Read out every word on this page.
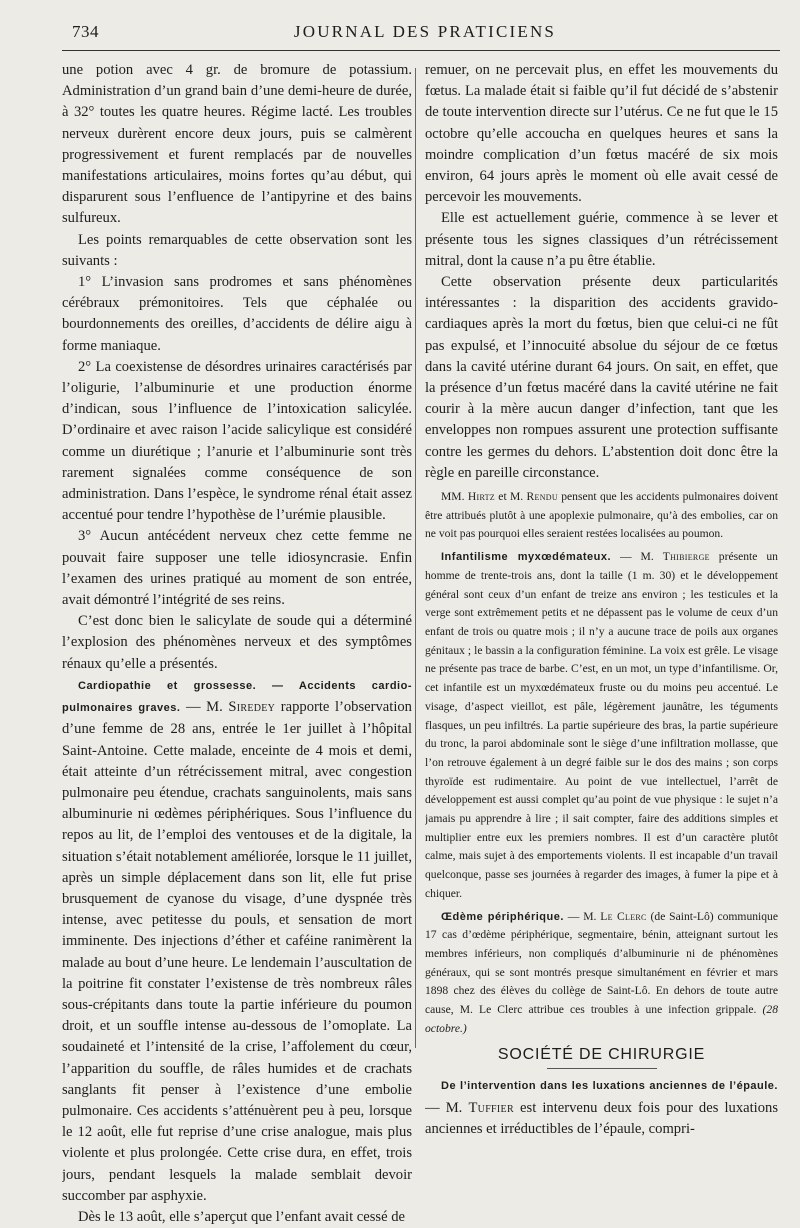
734	JOURNAL DES PRATICIENS

une potion avec 4 gr. de bromure de potassium. Administration d’un grand bain d’une demi-heure de durée, à 32° toutes les quatre heures. Régime lacté. Les troubles nerveux durèrent encore deux jours, puis se calmèrent progressivement et furent remplacés par de nouvelles manifestations articulaires, moins fortes qu’au début, qui disparurent sous l’enfluence de l’antipyrine et des bains sulfureux.

Les points remarquables de cette observation sont les suivants :

1° L’invasion sans prodromes et sans phénomènes cérébraux prémonitoires. Tels que céphalée ou bourdonnements des oreilles, d’accidents de délire aigu à forme maniaque.

2° La coexistense de désordres urinaires caractérisés par l’oligurie, l’albuminurie et une production énorme d’indican, sous l’influence de l’intoxication salicylée. D’ordinaire et avec raison l’acide salicylique est considéré comme un diurétique ; l’anurie et l’albuminurie sont très rarement signalées comme conséquence de son administration. Dans l’espèce, le syndrome rénal était assez accentué pour tendre l’hypothèse de l’urémie plausible.

3° Aucun antécédent nerveux chez cette femme ne pouvait faire supposer une telle idiosyncrasie. Enfin l’examen des urines pratiqué au moment de son entrée, avait démontré l’intégrité de ses reins.

C’est donc bien le salicylate de soude qui a déterminé l’explosion des phénomènes nerveux et des symptômes rénaux qu’elle a présentés.

Cardiopathie et grossesse. — Accidents cardio-pulmonaires graves. — M. Siredey rapporte l’observation d’une femme de 28 ans, entrée le 1er juillet à l’hôpital Saint-Antoine. Cette malade, enceinte de 4 mois et demi, était atteinte d’un rétrécissement mitral, avec congestion pulmonaire peu étendue, crachats sanguinolents, mais sans albuminurie ni œdèmes périphériques. Sous l’influence du repos au lit, de l’emploi des ventouses et de la digitale, la situation s’était notablement améliorée, lorsque le 11 juillet, après un simple déplacement dans son lit, elle fut prise brusquement de cyanose du visage, d’une dyspnée très intense, avec petitesse du pouls, et sensation de mort imminente. Des injections d’éther et caféine ranimèrent la malade au bout d’une heure. Le lendemain l’auscultation de la poitrine fit constater l’existense de très nombreux râles sous-crépitants dans toute la partie inférieure du poumon droit, et un souffle intense au-dessous de l’omoplate. La soudaineté et l’intensité de la crise, l’affolement du cœur, l’apparition du souffle, de râles humides et de crachats sanglants fit penser à l’existence d’une embolie pulmonaire. Ces accidents s’atténuèrent peu à peu, lorsque le 12 août, elle fut reprise d’une crise analogue, mais plus violente et plus prolongée. Cette crise dura, en effet, trois jours, pendant lesquels la malade semblait devoir succomber par asphyxie.

Dès le 13 août, elle s’aperçut que l’enfant avait cessé de

remuer, on ne percevait plus, en effet les mouvements du fœtus. La malade était si faible qu’il fut décidé de s’abstenir de toute intervention directe sur l’utérus. Ce ne fut que le 15 octobre qu’elle accoucha en quelques heures et sans la moindre complication d’un fœtus macéré de six mois environ, 64 jours après le moment où elle avait cessé de percevoir les mouvements.

Elle est actuellement guérie, commence à se lever et présente tous les signes classiques d’un rétrécissement mitral, dont la cause n’a pu être établie.

Cette observation présente deux particularités intéressantes : la disparition des accidents gravido-cardiaques après la mort du fœtus, bien que celui-ci ne fût pas expulsé, et l’innocuité absolue du séjour de ce fœtus dans la cavité utérine durant 64 jours. On sait, en effet, que la présence d’un fœtus macéré dans la cavité utérine ne fait courir à la mère aucun danger d’infection, tant que les enveloppes non rompues assurent une protection suffisante contre les germes du dehors. L’abstention doit donc être la règle en pareille circonstance.

MM. Hirtz et M. Rendu pensent que les accidents pulmonaires doivent être attribués plutôt à une apoplexie pulmonaire, qu’à des embolies, car on ne voit pas pourquoi elles seraient restées localisées au poumon.

Infantilisme myxœdémateux. — M. Thibierge présente un homme de trente-trois ans, dont la taille (1 m. 30) et le développement général sont ceux d’un enfant de treize ans environ ; les testicules et la verge sont extrêmement petits et ne dépassent pas le volume de ceux d’un enfant de trois ou quatre mois ; il n’y a aucune trace de poils aux organes génitaux ; le bassin a la configuration féminine. La voix est grêle. Le visage ne présente pas trace de barbe. C’est, en un mot, un type d’infantilisme. Or, cet infantile est un myxœdémateux fruste ou du moins peu accentué. Le visage, d’aspect vieillot, est pâle, légèrement jaunâtre, les téguments flasques, un peu infiltrés. La partie supérieure des bras, la partie supérieure du tronc, la paroi abdominale sont le siège d’une infiltration mollasse, que l’on retrouve également à un degré faible sur le dos des mains ; son corps thyroïde est rudimentaire. Au point de vue intellectuel, l’arrêt de développement est aussi complet qu’au point de vue physique : le sujet n’a jamais pu apprendre à lire ; il sait compter, faire des additions simples et multiplier entre eux les premiers nombres. Il est d’un caractère plutôt calme, mais sujet à des emportements violents. Il est incapable d’un travail quelconque, passe ses journées à regarder des images, à fumer la pipe et à chiquer.

Œdème périphérique. — M. Le Clerc (de Saint-Lô) communique 17 cas d’œdème périphérique, segmentaire, bénin, atteignant surtout les membres inférieurs, non compliqués d’albuminurie ni de phénomènes généraux, qui se sont montrés presque simultanément en février et mars 1898 chez des élèves du collège de Saint-Lô. En dehors de toute autre cause, M. Le Clerc attribue ces troubles à une infection grippale. (28 octobre.)

SOCIÉTÉ DE CHIRURGIE

De l’intervention dans les luxations anciennes de l’épaule. — M. Tuffier est intervenu deux fois pour des luxations anciennes et irréductibles de l’épaule, compri-
